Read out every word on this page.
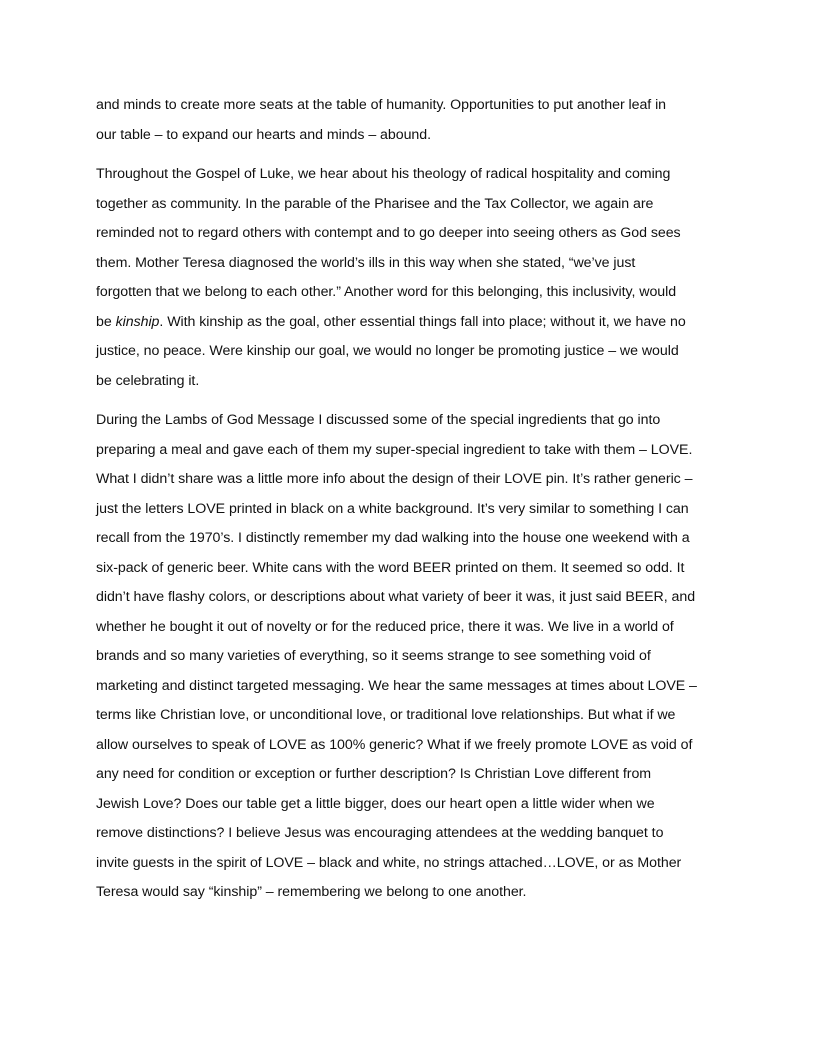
and minds to create more seats at the table of humanity. Opportunities to put another leaf in
our table – to expand our hearts and minds – abound.

Throughout the Gospel of Luke, we hear about his theology of radical hospitality and coming
together as community. In the parable of the Pharisee and the Tax Collector, we again are
reminded not to regard others with contempt and to go deeper into seeing others as God sees
them. Mother Teresa diagnosed the world’s ills in this way when she stated, “we’ve just
forgotten that we belong to each other.” Another word for this belonging, this inclusivity, would
be kinship. With kinship as the goal, other essential things fall into place; without it, we have no
justice, no peace. Were kinship our goal, we would no longer be promoting justice – we would
be celebrating it.

During the Lambs of God Message I discussed some of the special ingredients that go into
preparing a meal and gave each of them my super-special ingredient to take with them – LOVE.
What I didn’t share was a little more info about the design of their LOVE pin. It’s rather generic –
just the letters LOVE printed in black on a white background. It’s very similar to something I can
recall from the 1970’s. I distinctly remember my dad walking into the house one weekend with a
six-pack of generic beer. White cans with the word BEER printed on them. It seemed so odd. It
didn’t have flashy colors, or descriptions about what variety of beer it was, it just said BEER, and
whether he bought it out of novelty or for the reduced price, there it was. We live in a world of
brands and so many varieties of everything, so it seems strange to see something void of
marketing and distinct targeted messaging. We hear the same messages at times about LOVE –
terms like Christian love, or unconditional love, or traditional love relationships. But what if we
allow ourselves to speak of LOVE as 100% generic? What if we freely promote LOVE as void of
any need for condition or exception or further description? Is Christian Love different from
Jewish Love? Does our table get a little bigger, does our heart open a little wider when we
remove distinctions? I believe Jesus was encouraging attendees at the wedding banquet to
invite guests in the spirit of LOVE – black and white, no strings attached…LOVE, or as Mother
Teresa would say “kinship” – remembering we belong to one another.
